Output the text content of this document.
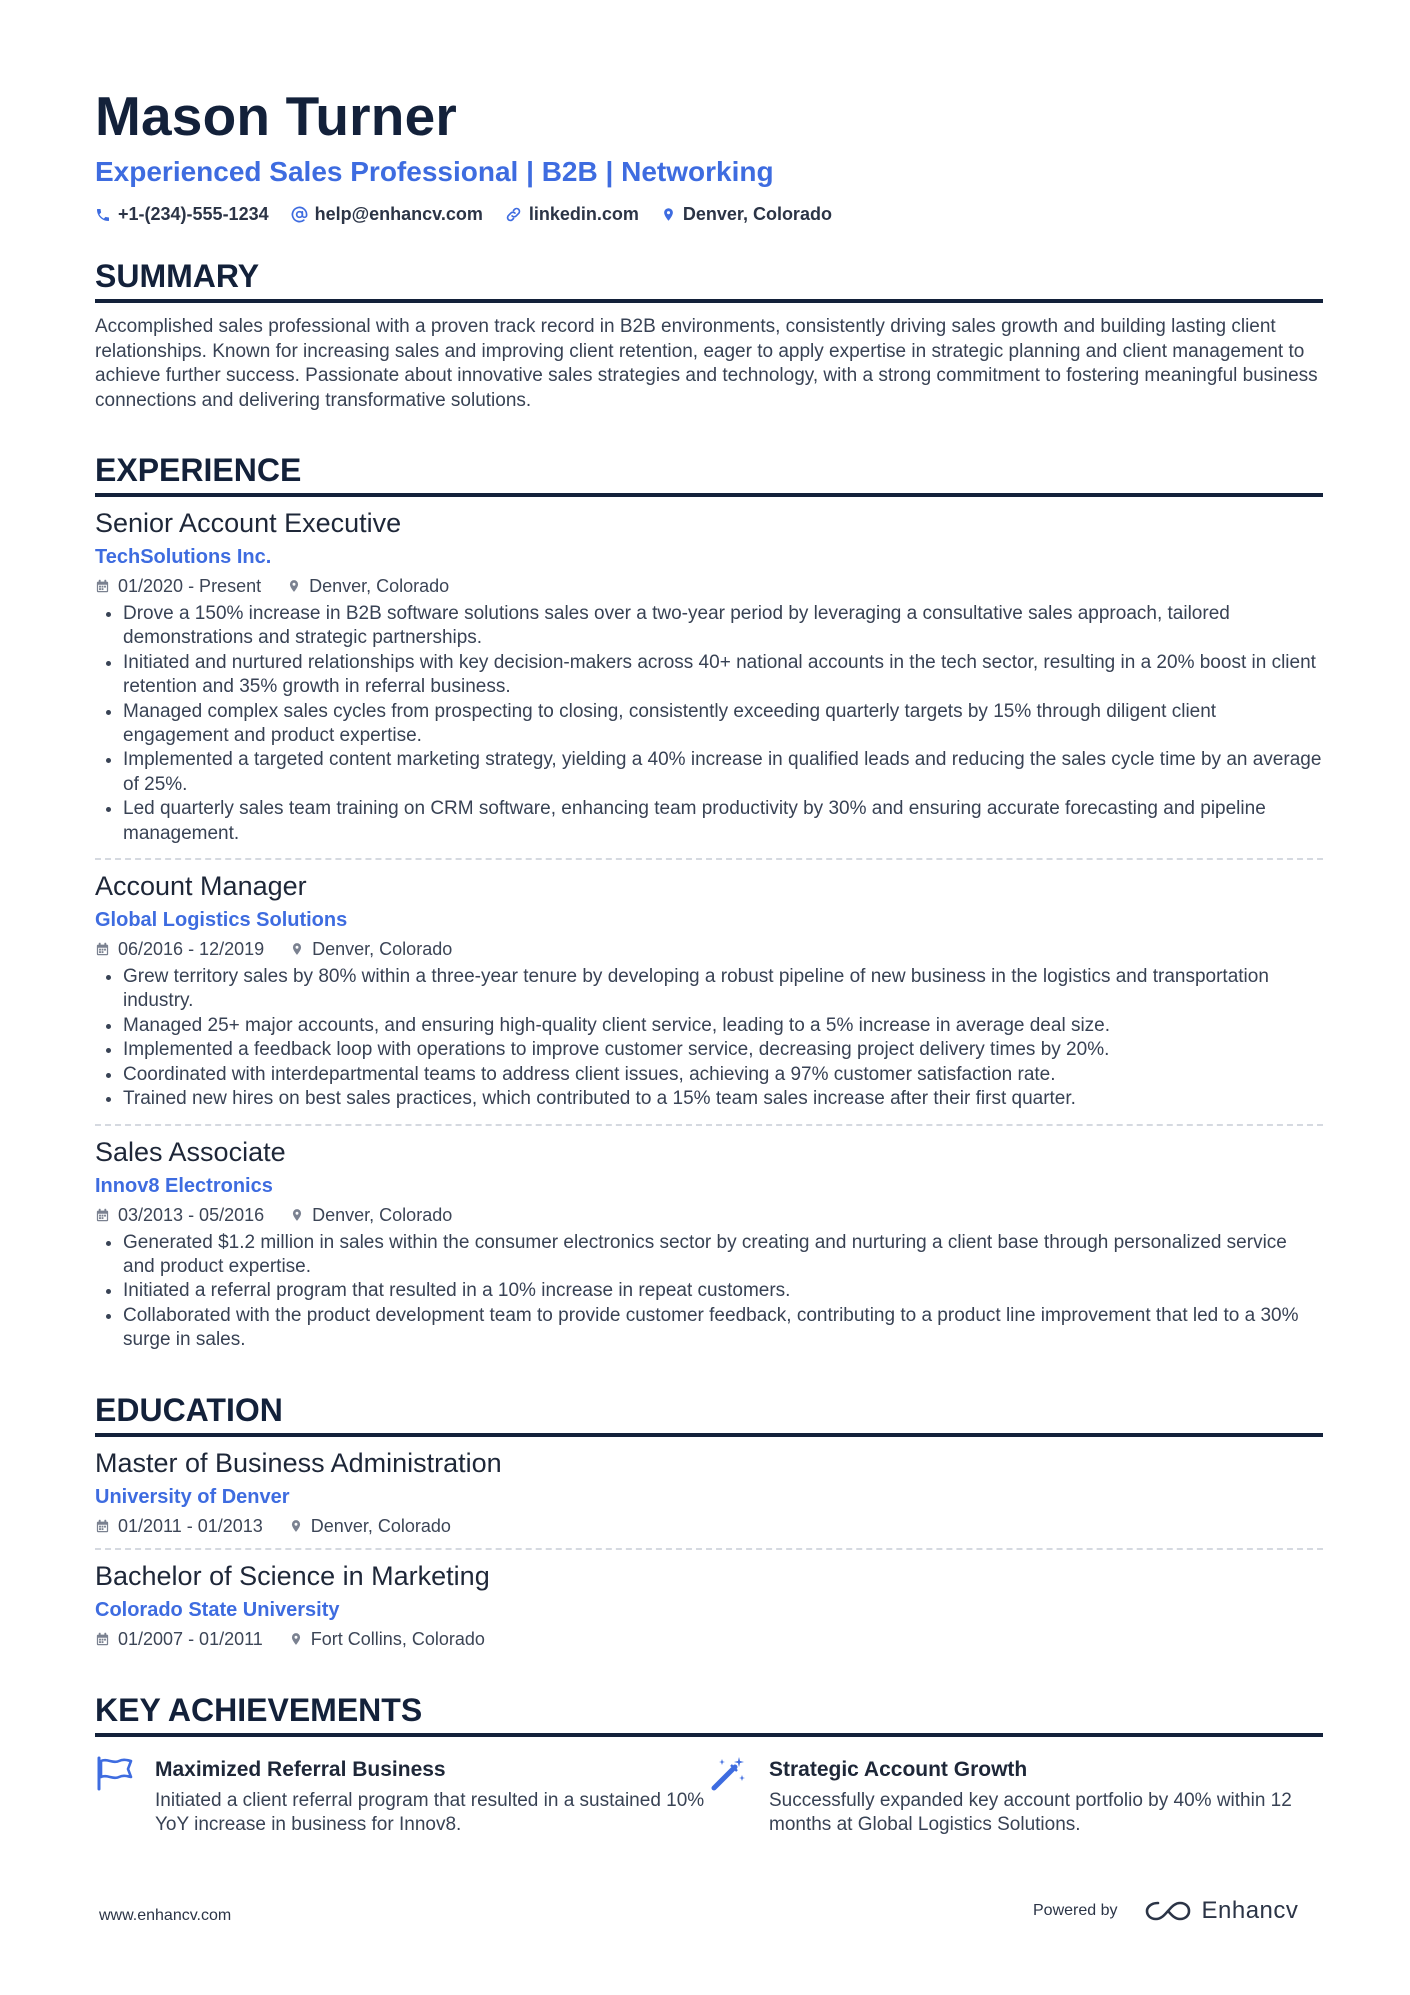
Mason Turner
Experienced Sales Professional | B2B | Networking
+1-(234)-555-1234	help@enhancv.com	linkedin.com Denver, Colorado
SUMMARY
Accomplished sales professional with a proven track record in B2B environments, consistently driving sales growth and building lasting client relationships. Known for increasing sales and improving client retention, eager to apply expertise in strategic planning and client management to achieve further success. Passionate about innovative sales strategies and technology, with a strong commitment to fostering meaningful business connections and delivering transformative solutions.
EXPERIENCE
Senior Account Executive
TechSolutions Inc.
01/2020 - Present	Denver, Colorado
• Drove a 150% increase in B2B software solutions sales over a two-year period by leveraging a consultative sales approach, tailored demonstrations and strategic partnerships.
• Initiated and nurtured relationships with key decision-makers across 40+ national accounts in the tech sector, resulting in a 20% boost in client retention and 35% growth in referral business.
• Managed complex sales cycles from prospecting to closing, consistently exceeding quarterly targets by 15% through diligent client engagement and product expertise.
• Implemented a targeted content marketing strategy, yielding a 40% increase in qualified leads and reducing the sales cycle time by an average of 25%.
• Led quarterly sales team training on CRM software, enhancing team productivity by 30% and ensuring accurate forecasting and pipeline management.
Account Manager
Global Logistics Solutions
06/2016 - 12/2019	Denver, Colorado
• Grew territory sales by 80% within a three-year tenure by developing a robust pipeline of new business in the logistics and transportation industry.
• Managed 25+ major accounts, and ensuring high-quality client service, leading to a 5% increase in average deal size.
• Implemented a feedback loop with operations to improve customer service, decreasing project delivery times by 20%.
• Coordinated with interdepartmental teams to address client issues, achieving a 97% customer satisfaction rate.
• Trained new hires on best sales practices, which contributed to a 15% team sales increase after their first quarter.
Sales Associate
Innov8 Electronics
03/2013 - 05/2016	Denver, Colorado
• Generated $1.2 million in sales within the consumer electronics sector by creating and nurturing a client base through personalized service and product expertise.
• Initiated a referral program that resulted in a 10% increase in repeat customers.
• Collaborated with the product development team to provide customer feedback, contributing to a product line improvement that led to a 30% surge in sales.
EDUCATION
Master of Business Administration
University of Denver
01/2011 - 01/2013	Denver, Colorado
Bachelor of Science in Marketing
Colorado State University
01/2007 - 01/2011	Fort Collins, Colorado
KEY ACHIEVEMENTS
Maximized Referral Business
Initiated a client referral program that resulted in a sustained 10% YoY increase in business for Innov8.
Strategic Account Growth
Successfully expanded key account portfolio by 40% within 12 months at Global Logistics Solutions.
www.enhancv.com	Powered by	Enhancv
